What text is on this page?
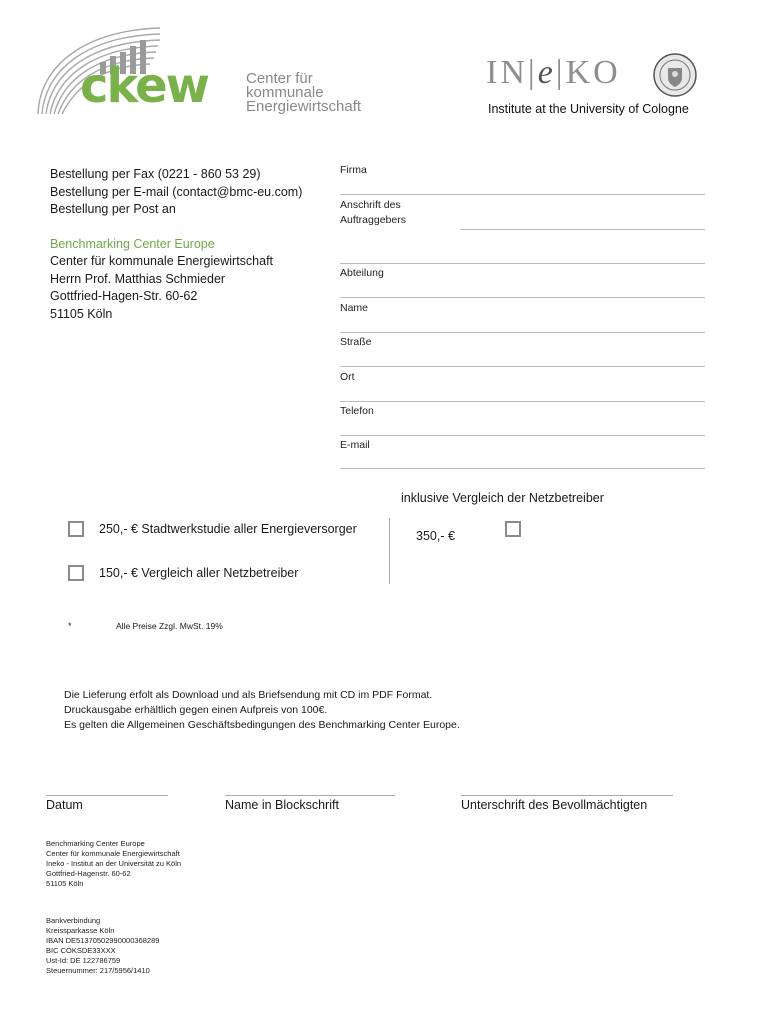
ckew	Center für
kommunale
Energiewirtschaft
IN|e|KO
Institute at the University of Cologne
Bestellung per Fax (0221 - 860 53 29)
Bestellung per E-mail (contact@bmc-eu.com)
Bestellung per Post an
Benchmarking Center Europe
Center für kommunale Energiewirtschaft
Herrn Prof. Matthias Schmieder
Gottfried-Hagen-Str. 60-62
51105 Köln
Firma
Anschrift des
Auftraggebers
Abteilung
Name
Straße
Ort
Telefon
E-mail
inklusive Vergleich der Netzbetreiber
250,- € Stadtwerkstudie aller Energieversorger
150,- € Vergleich aller Netzbetreiber
350,- €
*	Alle Preise Zzgl. MwSt. 19%
Die Lieferung erfolt als Download und als Briefsendung mit CD im PDF Format.
Druckausgabe erhältlich gegen einen Aufpreis von 100€.
Es gelten die Allgemeinen Geschäftsbedingungen des Benchmarking Center Europe.
Datum	Name in Blockschrift	Unterschrift des Bevollmächtigten
Benchmarking Center Europe
Center für kommunale Energiewirtschaft
Ineko - Institut an der Universität zu Köln
Gottfried-Hagenstr. 60-62
51105 Köln
Bankverbindung
Kreissparkasse Köln
IBAN DE51370502990000368289
BIC COKSDE33XXX
Ust-Id: DE 122786759
Steuernummer: 217/5956/1410
